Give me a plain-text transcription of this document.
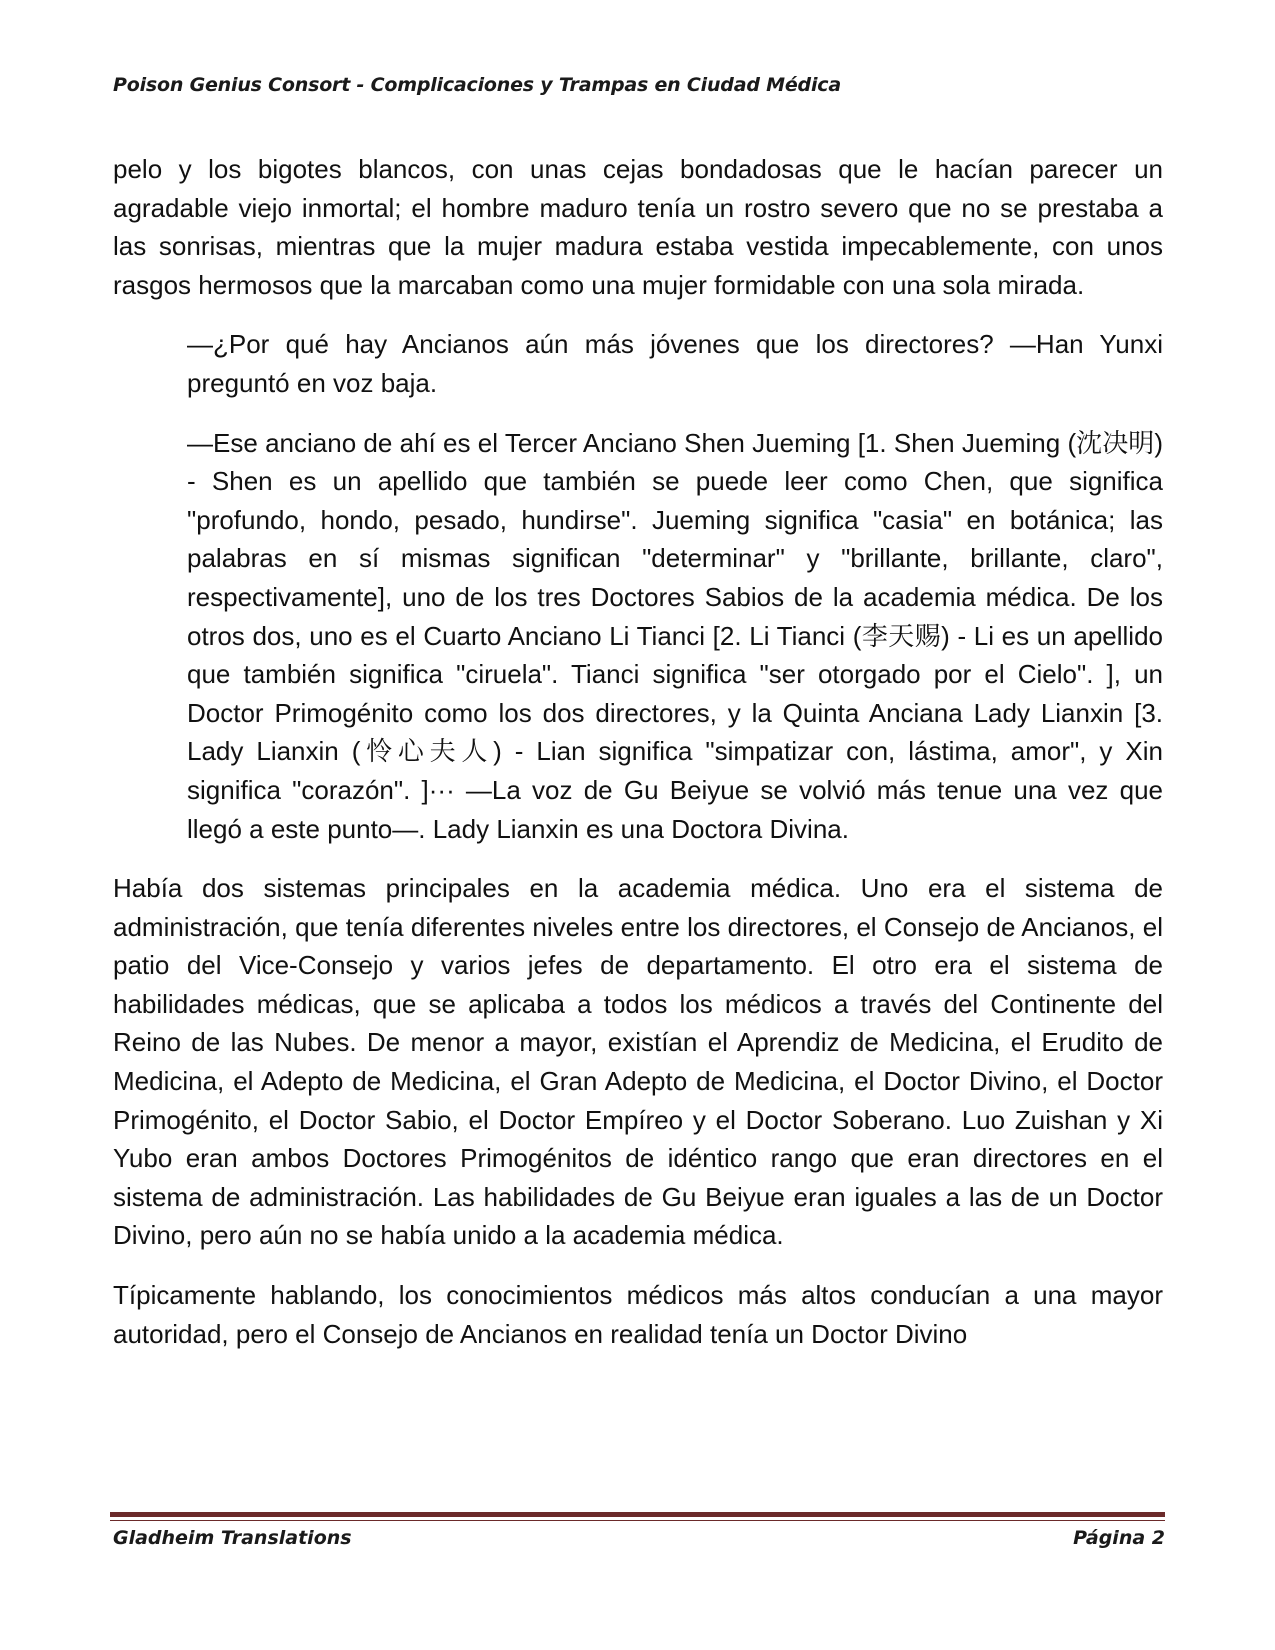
Poison Genius Consort - Complicaciones y Trampas en Ciudad Médica

pelo y los bigotes blancos, con unas cejas bondadosas que le hacían parecer un agradable viejo inmortal; el hombre maduro tenía un rostro severo que no se prestaba a las sonrisas, mientras que la mujer madura estaba vestida impecablemente, con unos rasgos hermosos que la marcaban como una mujer formidable con una sola mirada.

—¿Por qué hay Ancianos aún más jóvenes que los directores? —Han Yunxi preguntó en voz baja.

—Ese anciano de ahí es el Tercer Anciano Shen Jueming [1. Shen Jueming (沈决明) - Shen es un apellido que también se puede leer como Chen, que significa "profundo, hondo, pesado, hundirse". Jueming significa "casia" en botánica; las palabras en sí mismas significan "determinar" y "brillante, brillante, claro", respectivamente], uno de los tres Doctores Sabios de la academia médica. De los otros dos, uno es el Cuarto Anciano Li Tianci [2. Li Tianci (李天赐) - Li es un apellido que también significa "ciruela". Tianci significa "ser otorgado por el Cielo". ], un Doctor Primogénito como los dos directores, y la Quinta Anciana Lady Lianxin [3. Lady Lianxin (怜心夫人) - Lian significa "simpatizar con, lástima, amor", y Xin significa "corazón". ]··· —La voz de Gu Beiyue se volvió más tenue una vez que llegó a este punto—. Lady Lianxin es una Doctora Divina.

Había dos sistemas principales en la academia médica. Uno era el sistema de administración, que tenía diferentes niveles entre los directores, el Consejo de Ancianos, el patio del Vice-Consejo y varios jefes de departamento. El otro era el sistema de habilidades médicas, que se aplicaba a todos los médicos a través del Continente del Reino de las Nubes. De menor a mayor, existían el Aprendiz de Medicina, el Erudito de Medicina, el Adepto de Medicina, el Gran Adepto de Medicina, el Doctor Divino, el Doctor Primogénito, el Doctor Sabio, el Doctor Empíreo y el Doctor Soberano. Luo Zuishan y Xi Yubo eran ambos Doctores Primogénitos de idéntico rango que eran directores en el sistema de administración. Las habilidades de Gu Beiyue eran iguales a las de un Doctor Divino, pero aún no se había unido a la academia médica.

Típicamente hablando, los conocimientos médicos más altos conducían a una mayor autoridad, pero el Consejo de Ancianos en realidad tenía un Doctor Divino

Gladheim Translations	Página 2
